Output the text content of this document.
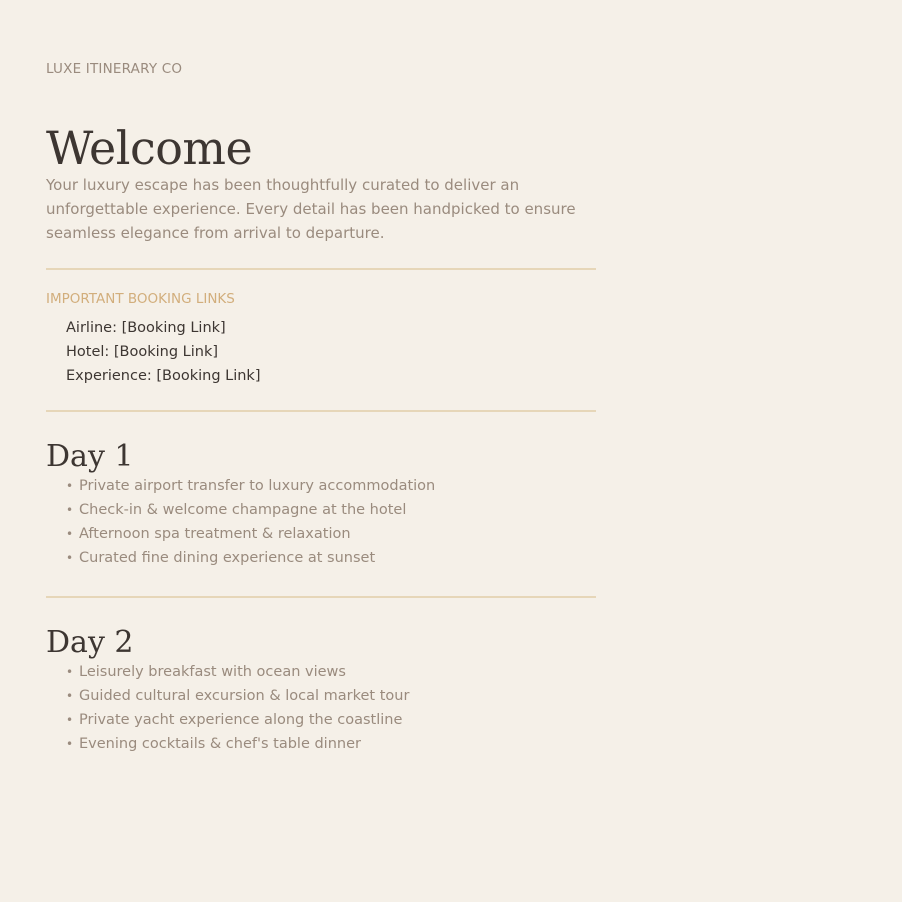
LUXE ITINERARY CO
Welcome

Your luxury escape has been thoughtfully curated to deliver an unforgettable experience. Every detail has been handpicked to ensure seamless elegance from arrival to departure.

IMPORTANT BOOKING LINKS
Airline: [Booking Link]
Hotel: [Booking Link]
Experience: [Booking Link]
Day 1
• Private airport transfer to luxury accommodation
• Check-in & welcome champagne at the hotel
• Afternoon spa treatment & relaxation
• Curated fine dining experience at sunset
Day 2
• Leisurely breakfast with ocean views
• Guided cultural excursion & local market tour
• Private yacht experience along the coastline
• Evening cocktails & chef's table dinner
